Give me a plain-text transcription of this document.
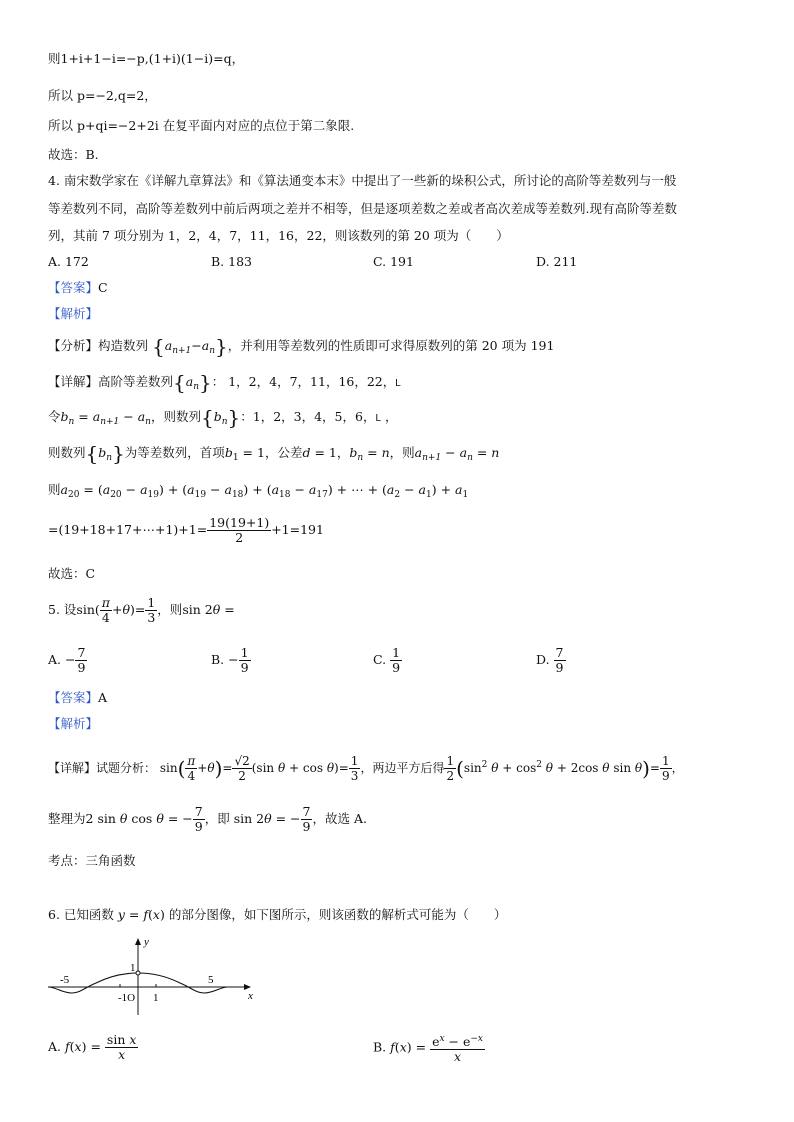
则1+i+1−i=−p,(1+i)(1−i)=q，
所以 p=−2,q=2，
所以 p+qi=−2+2i 在复平面内对应的点位于第二象限.
故选：B.
4. 南宋数学家在《详解九章算法》和《算法通变本末》中提出了一些新的垛积公式，所讨论的高阶等差数列与一般
等差数列不同，高阶等差数列中前后两项之差并不相等，但是逐项差数之差或者高次差成等差数列.现有高阶等差数
列，其前 7 项分别为 1，2，4，7，11，16，22，则该数列的第 20 项为（　　）
A. 172	B. 183	C. 191	D. 211
【答案】C
【解析】
【分析】构造数列 $\{a_{n+1}-a_n\}$，并利用等差数列的性质即可求得原数列的第 20 项为 191
【详解】高阶等差数列$\{a_n\}$： 1，2，4，7，11，16，22，L
令$b_n = a_{n+1} - a_n$，则数列$\{b_n\}$：1，2，3，4，5，6，L ，
则数列$\{b_n\}$为等差数列，首项$b_1 = 1$，公差d = 1，$b_n = n$，则$a_{n+1} - a_n = n$
则$a_{20} = (a_{20} - a_{19}) + (a_{19} - a_{18}) + (a_{18} - a_{17})$ + ⋯ + $(a_2 - a_1) + a_1$
=(19+18+17+⋯+1)+1= $\frac{19(19+1)}{2} +1=191$
故选：C
5. 设$\sin( \frac{\pi}{4} +\theta)= \frac{1}{3}$ ，则sin 2θ =
A. − $\frac{7}{9}$	B. − $\frac{1}{9}$	C. $\frac{1}{9}$	D. $\frac{7}{9}$
【答案】A
【解析】
【详解】试题分析： $\sin( \frac{\pi}{4} +\theta)= \frac{√2}{2} (\sin$ $\theta + \cos \theta)= \frac{1}{3}$ ，两边平方后得 $\frac{1}{2} (\sin^2$ $\theta + \cos^2 \theta + 2\cos$ θ $\sin \theta)= \frac{1}{9}$ ，
整理为2 sin θ cos θ = − $\frac{7}{9}$ ，即 sin 2θ = − $\frac{7}{9}$ ，故选 A.
考点：三角函数
6. 已知函数 y = f(x) 的部分图像，如下图所示，则该函数的解析式可能为（　　）
y
x
1
-5	5
-1O 1
A. $f(x) = \frac{\text{sin x}}{x}$	B. $f(x) = \frac{e^x - e^{-x}}{x}$
